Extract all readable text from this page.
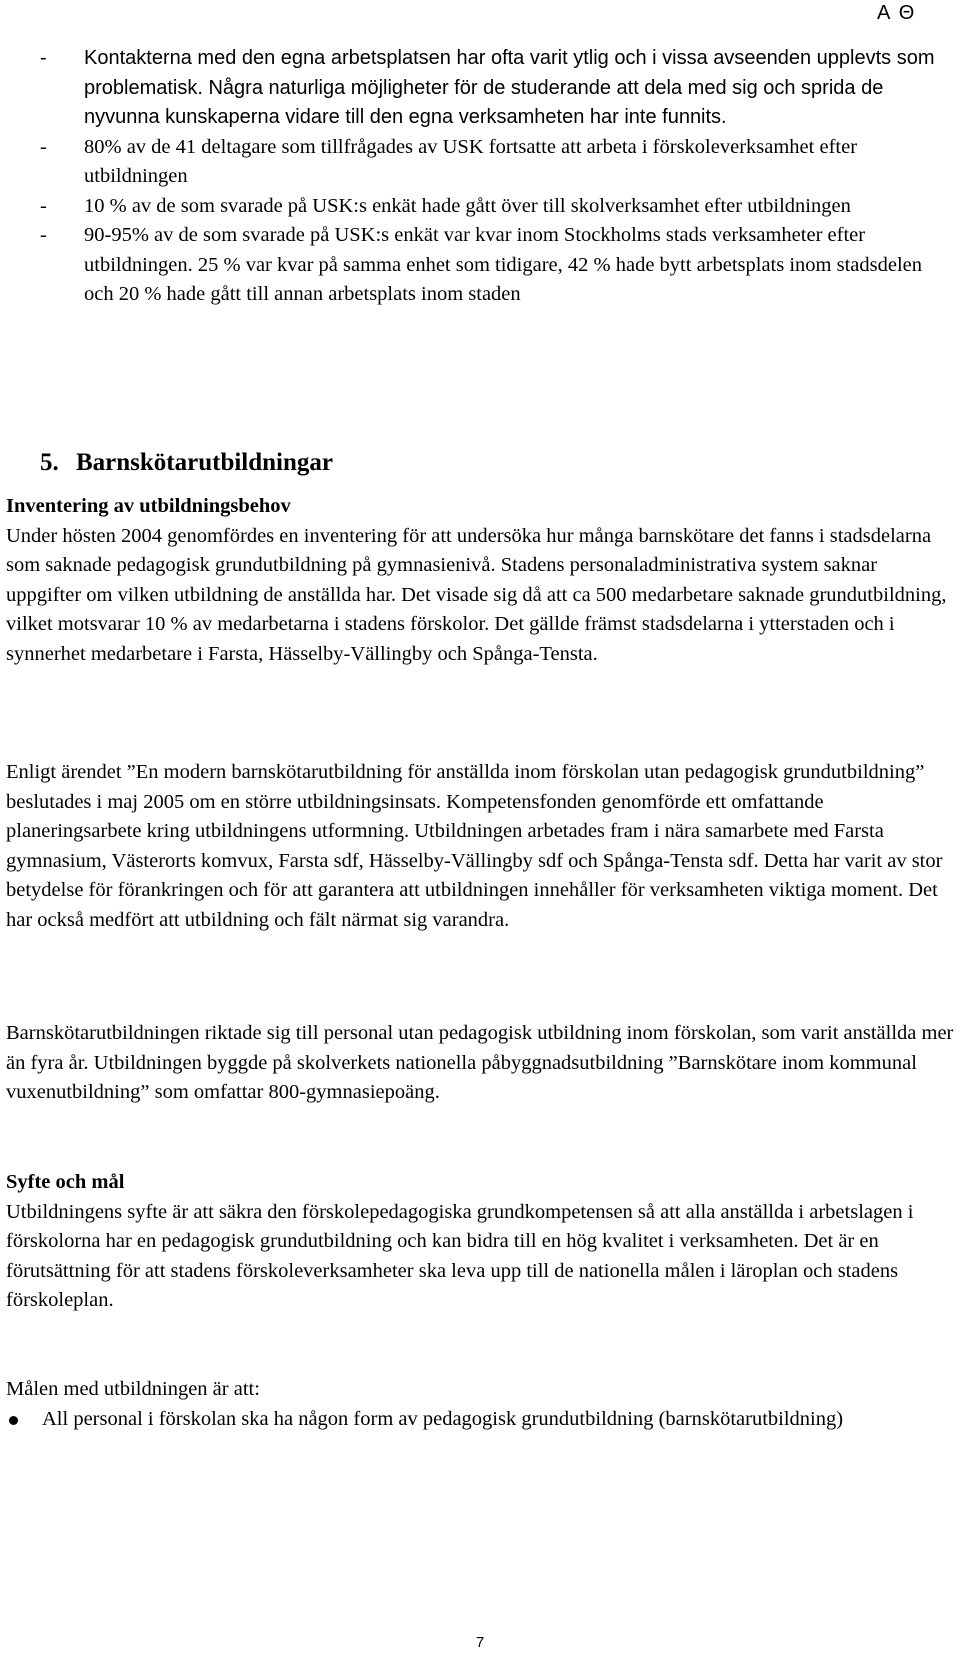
A Θ
- Kontakterna med den egna arbetsplatsen har ofta varit ytlig och i vissa avseenden upplevts som problematisk. Några naturliga möjligheter för de studerande att dela med sig och sprida de nyvunna kunskaperna vidare till den egna verksamheten har inte funnits.
- 80% av de 41 deltagare som tillfrågades av USK fortsatte att arbeta i förskoleverksamhet efter utbildningen
- 10 % av de som svarade på USK:s enkät hade gått över till skolverksamhet efter utbildningen
- 90-95% av de som svarade på USK:s enkät var kvar inom Stockholms stads verksamheter efter utbildningen. 25 % var kvar på samma enhet som tidigare, 42 % hade bytt arbetsplats inom stadsdelen och 20 % hade gått till annan arbetsplats inom staden
5. Barnskötarutbildningar
Inventering av utbildningsbehov

Under hösten 2004 genomfördes en inventering för att undersöka hur många barnskötare det fanns i stadsdelarna som saknade pedagogisk grundutbildning på gymnasienivå. Stadens personaladministrativa system saknar uppgifter om vilken utbildning de anställda har. Det visade sig då att ca 500 medarbetare saknade grundutbildning, vilket motsvarar 10 % av medarbetarna i stadens förskolor. Det gällde främst stadsdelarna i ytterstaden och i synnerhet medarbetare i Farsta, Hässelby-Vällingby och Spånga-Tensta.

Enligt ärendet ”En modern barnskötarutbildning för anställda inom förskolan utan pedagogisk grundutbildning” beslutades i maj 2005 om en större utbildningsinsats. Kompetensfonden genomförde ett omfattande planeringsarbete kring utbildningens utformning. Utbildningen arbetades fram i nära samarbete med Farsta gymnasium, Västerorts komvux, Farsta sdf, Hässelby-Vällingby sdf och Spånga-Tensta sdf. Detta har varit av stor betydelse för förankringen och för att garantera att utbildningen innehåller för verksamheten viktiga moment. Det har också medfört att utbildning och fält närmat sig varandra.

Barnskötarutbildningen riktade sig till personal utan pedagogisk utbildning inom förskolan, som varit anställda mer än fyra år. Utbildningen byggde på skolverkets nationella påbyggnadsutbildning ”Barnskötare inom kommunal vuxenutbildning” som omfattar 800-gymnasiepoäng.

Syfte och mål

Utbildningens syfte är att säkra den förskolepedagogiska grundkompetensen så att alla anställda i arbetslagen i förskolorna har en pedagogisk grundutbildning och kan bidra till en hög kvalitet i verksamheten. Det är en förutsättning för att stadens förskoleverksamheter ska leva upp till de nationella målen i läroplan och stadens förskoleplan.

Målen med utbildningen är att:

All personal i förskolan ska ha någon form av pedagogisk grundutbildning (barnskötarutbildning)
7
